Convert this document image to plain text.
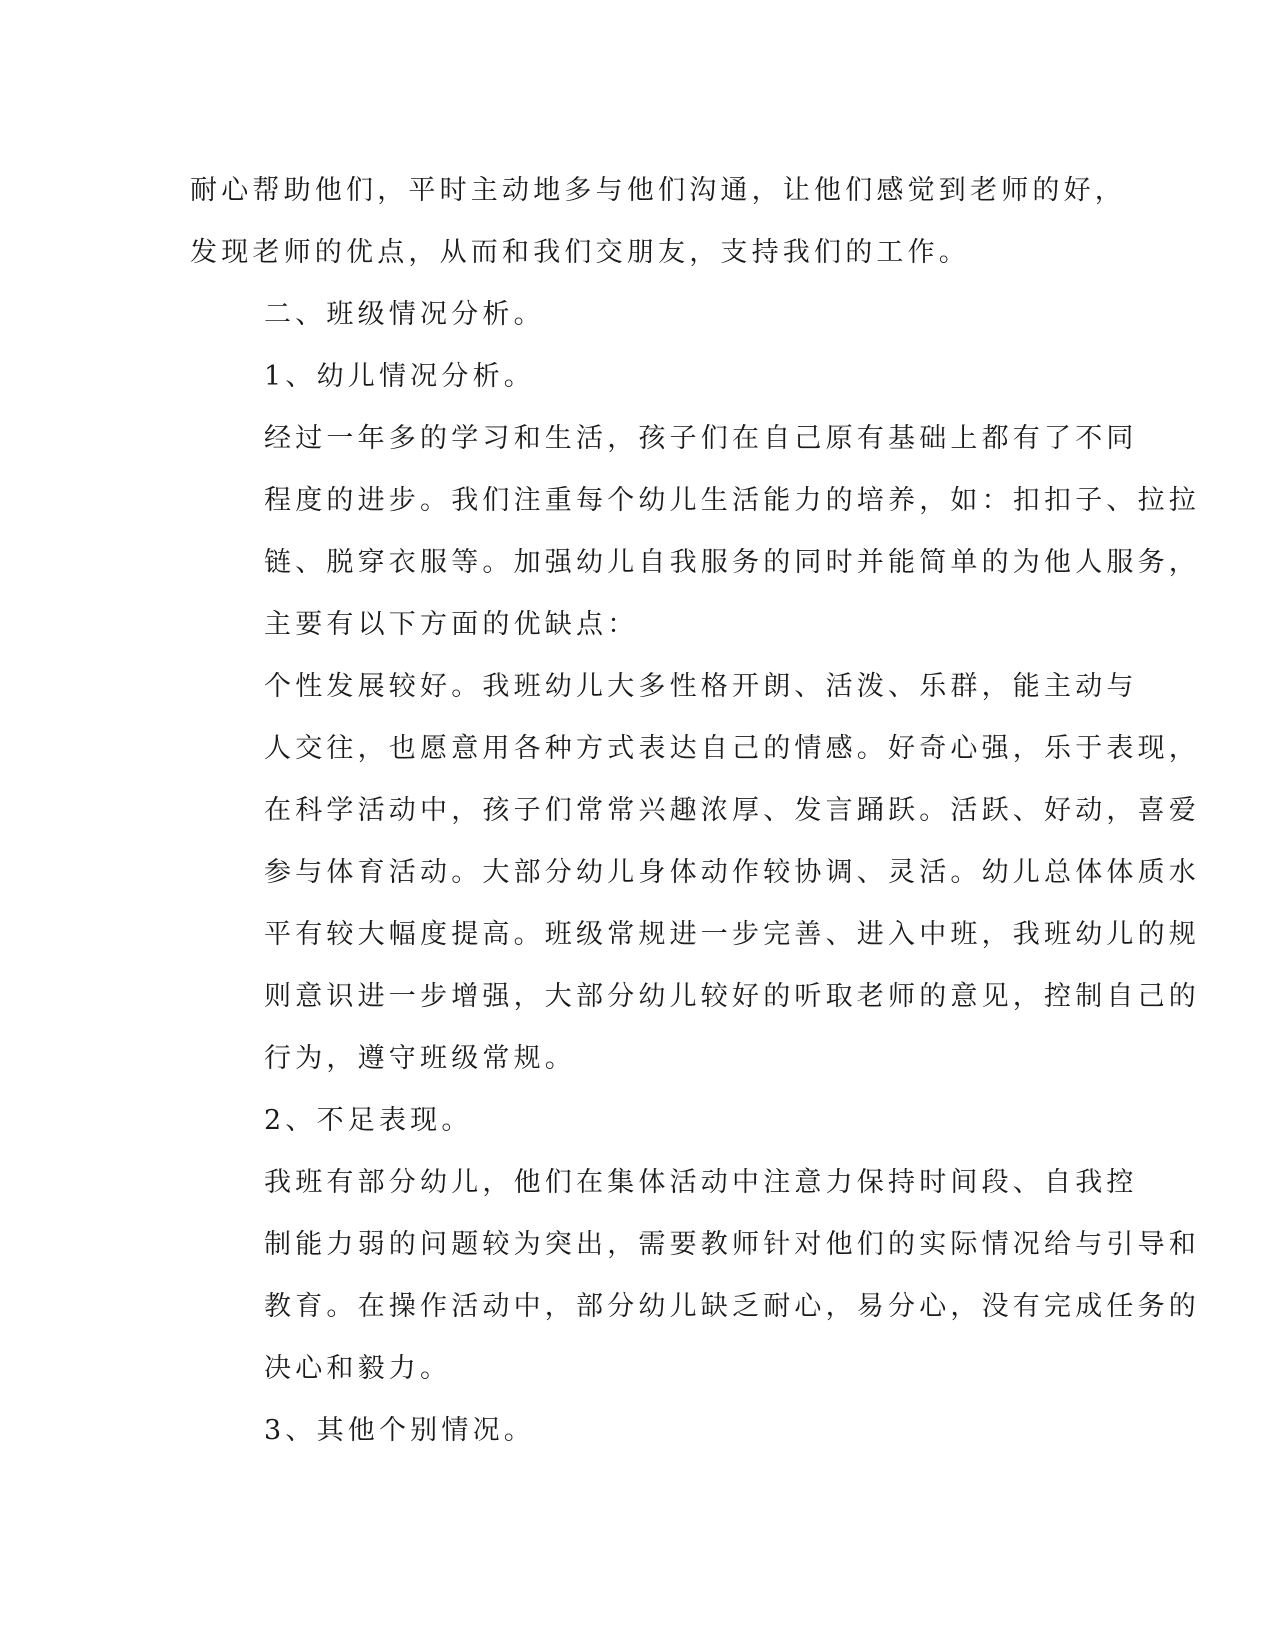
耐心帮助他们，平时主动地多与他们沟通，让他们感觉到老师的好，
发现老师的优点，从而和我们交朋友，支持我们的工作。

二、班级情况分析。

1、幼儿情况分析。

经过一年多的学习和生活，孩子们在自己原有基础上都有了不同
程度的进步。我们注重每个幼儿生活能力的培养，如：扣扣子、拉拉
链、脱穿衣服等。加强幼儿自我服务的同时并能简单的为他人服务，
主要有以下方面的优缺点：

个性发展较好。我班幼儿大多性格开朗、活泼、乐群，能主动与
人交往，也愿意用各种方式表达自己的情感。好奇心强，乐于表现，
在科学活动中，孩子们常常兴趣浓厚、发言踊跃。活跃、好动，喜爱
参与体育活动。大部分幼儿身体动作较协调、灵活。幼儿总体体质水
平有较大幅度提高。班级常规进一步完善、进入中班，我班幼儿的规
则意识进一步增强，大部分幼儿较好的听取老师的意见，控制自己的
行为，遵守班级常规。

2、不足表现。

我班有部分幼儿，他们在集体活动中注意力保持时间段、自我控
制能力弱的问题较为突出，需要教师针对他们的实际情况给与引导和
教育。在操作活动中，部分幼儿缺乏耐心，易分心，没有完成任务的
决心和毅力。

3、其他个别情况。
